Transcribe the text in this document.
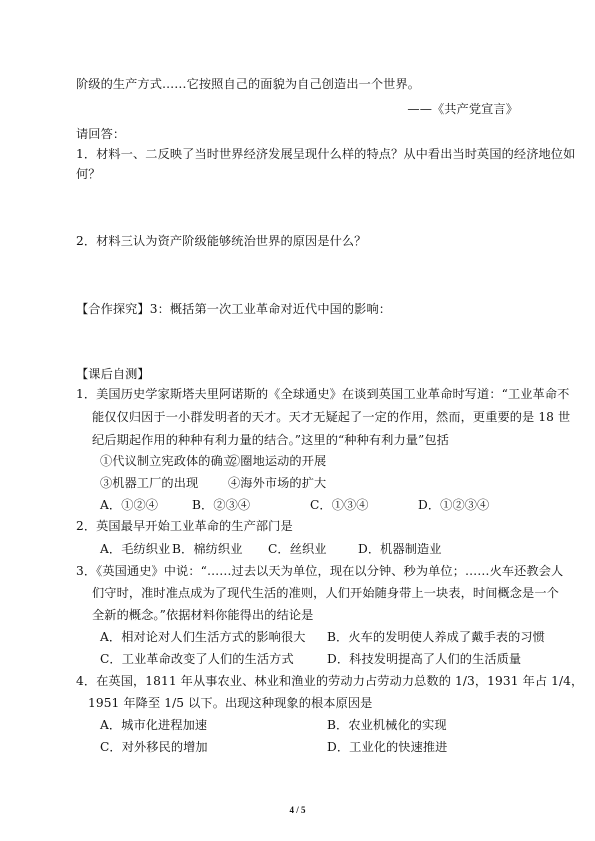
阶级的生产方式……它按照自己的面貌为自己创造出一个世界。
——《共产党宣言》
请回答：
1．材料一、二反映了当时世界经济发展呈现什么样的特点？从中看出当时英国的经济地位如
何？
2．材料三认为资产阶级能够统治世界的原因是什么？
【合作探究】3：概括第一次工业革命对近代中国的影响：
【课后自测】
1．美国历史学家斯塔夫里阿诺斯的《全球通史》在谈到英国工业革命时写道：“工业革命不
能仅仅归因于一小群发明者的天才。天才无疑起了一定的作用，然而，更重要的是 18 世
纪后期起作用的种种有利力量的结合。”这里的“种种有利力量”包括
①代议制立宪政体的确立
②圈地运动的开展
③机器工厂的出现 ④海外市场的扩大
A．①②④	B．②③④	C．①③④	D．①②③④
2．英国最早开始工业革命的生产部门是
A．毛纺织业 B．棉纺织业 C．丝织业	D．机器制造业
3．《英国通史》中说：“……过去以天为单位，现在以分钟、秒为单位；……火车还教会人
们守时，准时准点成为了现代生活的准则，人们开始随身带上一块表，时间概念是一个
全新的概念。”依据材料你能得出的结论是
A．相对论对人们生活方式的影响很大 B．火车的发明使人养成了戴手表的习惯
C．工业革命改变了人们的生活方式	D．科技发明提高了人们的生活质量
4．在英国，1811 年从事农业、林业和渔业的劳动力占劳动力总数的 1/3，1931 年占 1/4，
1951 年降至 1/5 以下。出现这种现象的根本原因是
A．城市化进程加速	B．农业机械化的实现
C．对外移民的增加	D．工业化的快速推进
4 / 5
